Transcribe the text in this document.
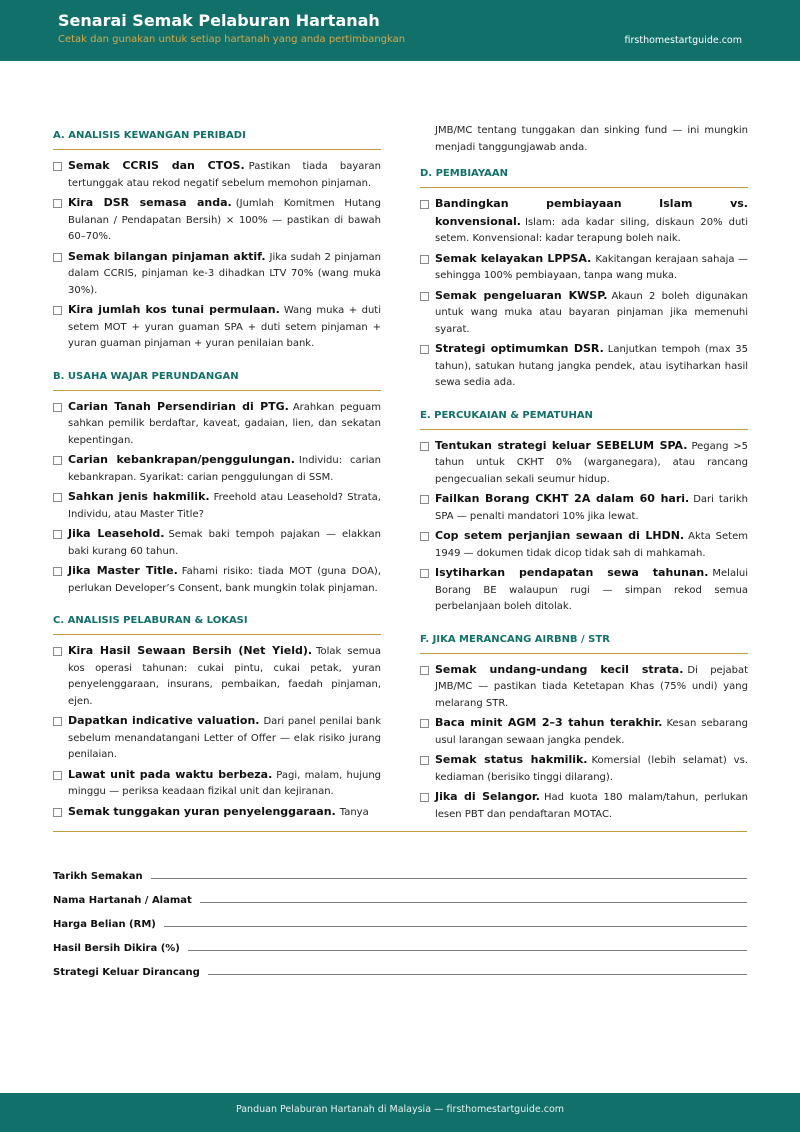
Senarai Semak Pelaburan Hartanah
Cetak dan gunakan untuk setiap hartanah yang anda pertimbangkan	firsthomestartguide.com
A. ANALISIS KEWANGAN PERIBADI
Semak CCRIS dan CTOS. Pastikan tiada bayaran tertunggak atau rekod negatif sebelum memohon pinjaman.
Kira DSR semasa anda. (Jumlah Komitmen Hutang Bulanan / Pendapatan Bersih) × 100% — pastikan di bawah 60–70%.
Semak bilangan pinjaman aktif. Jika sudah 2 pinjaman dalam CCRIS, pinjaman ke-3 dihadkan LTV 70% (wang muka 30%).
Kira jumlah kos tunai permulaan. Wang muka + duti setem MOT + yuran guaman SPA + duti setem pinjaman + yuran guaman pinjaman + yuran penilaian bank.
B. USAHA WAJAR PERUNDANGAN
Carian Tanah Persendirian di PTG. Arahkan peguam sahkan pemilik berdaftar, kaveat, gadaian, lien, dan sekatan kepentingan.
Carian kebankrapan/penggulungan. Individu: carian kebankrapan. Syarikat: carian penggulungan di SSM.
Sahkan jenis hakmilik. Freehold atau Leasehold? Strata, Individu, atau Master Title?
Jika Leasehold. Semak baki tempoh pajakan — elakkan baki kurang 60 tahun.
Jika Master Title. Fahami risiko: tiada MOT (guna DOA), perlukan Developer’s Consent, bank mungkin tolak pinjaman.
C. ANALISIS PELABURAN & LOKASI
Kira Hasil Sewaan Bersih (Net Yield). Tolak semua kos operasi tahunan: cukai pintu, cukai petak, yuran penyelenggaraan, insurans, pembaikan, faedah pinjaman, ejen.
Dapatkan indicative valuation. Dari panel penilai bank sebelum menandatangani Letter of Offer — elak risiko jurang penilaian.
Lawat unit pada waktu berbeza. Pagi, malam, hujung minggu — periksa keadaan fizikal unit dan kejiranan.
Semak tunggakan yuran penyelenggaraan. Tanya
JMB/MC tentang tunggakan dan sinking fund — ini mungkin menjadi tanggungjawab anda.
D. PEMBIAYAAN
Bandingkan pembiayaan Islam vs. konvensional. Islam: ada kadar siling, diskaun 20% duti setem. Konvensional: kadar terapung boleh naik.
Semak kelayakan LPPSA. Kakitangan kerajaan sahaja — sehingga 100% pembiayaan, tanpa wang muka.
Semak pengeluaran KWSP. Akaun 2 boleh digunakan untuk wang muka atau bayaran pinjaman jika memenuhi syarat.
Strategi optimumkan DSR. Lanjutkan tempoh (max 35 tahun), satukan hutang jangka pendek, atau isytiharkan hasil sewa sedia ada.
E. PERCUKAIAN & PEMATUHAN
Tentukan strategi keluar SEBELUM SPA. Pegang >5 tahun untuk CKHT 0% (warganegara), atau rancang pengecualian sekali seumur hidup.
Failkan Borang CKHT 2A dalam 60 hari. Dari tarikh SPA — penalti mandatori 10% jika lewat.
Cop setem perjanjian sewaan di LHDN. Akta Setem 1949 — dokumen tidak dicop tidak sah di mahkamah.
Isytiharkan pendapatan sewa tahunan. Melalui Borang BE walaupun rugi — simpan rekod semua perbelanjaan boleh ditolak.
F. JIKA MERANCANG AIRBNB / STR
Semak undang-undang kecil strata. Di pejabat JMB/MC — pastikan tiada Ketetapan Khas (75% undi) yang melarang STR.
Baca minit AGM 2–3 tahun terakhir. Kesan sebarang usul larangan sewaan jangka pendek.
Semak status hakmilik. Komersial (lebih selamat) vs. kediaman (berisiko tinggi dilarang).
Jika di Selangor. Had kuota 180 malam/tahun, perlukan lesen PBT dan pendaftaran MOTAC.
Tarikh Semakan
Nama Hartanah / Alamat
Harga Belian (RM)
Hasil Bersih Dikira (%)
Strategi Keluar Dirancang
Panduan Pelaburan Hartanah di Malaysia — firsthomestartguide.com
